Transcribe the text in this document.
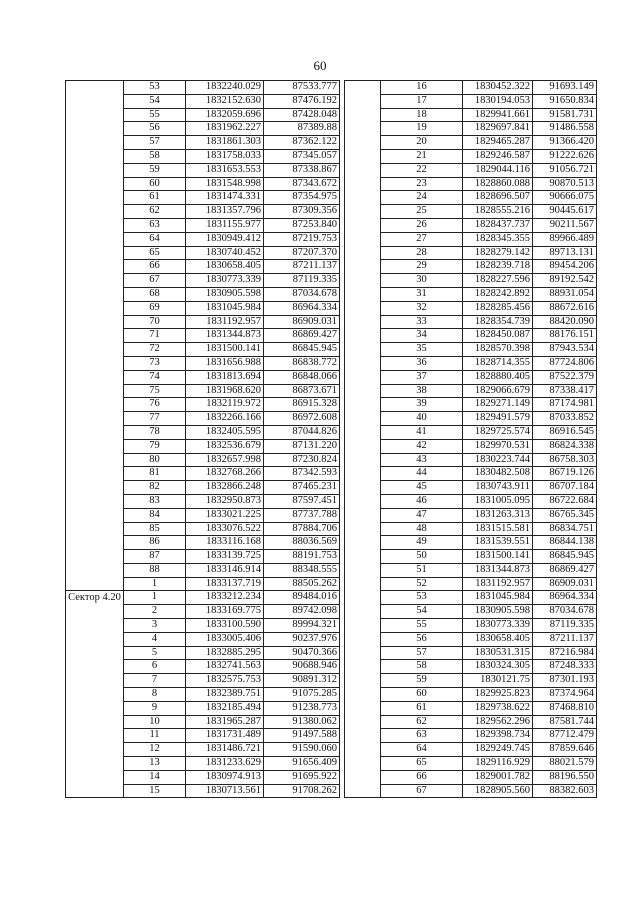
60
	53	1832240.029	87533.777
	54	1832152.630	87476.192
	55	1832059.696	87428.048
	56	1831962.227	87389.88
	57	1831861.303	87362.122
	58	1831758.033	87345.057
	59	1831653.553	87338.867
	60	1831548.998	87343.672
	61	1831474.331	87354.975
	62	1831357.796	87309.356
	63	1831155.977	87253.840
	64	1830949.412	87219.753
	65	1830740.452	87207.370
	66	1830658.405	87211.137
	67	1830773.339	87119.335
	68	1830905.598	87034.678
	69	1831045.984	86964.334
	70	1831192.957	86909.031
	71	1831344.873	86869.427
	72	1831500.141	86845.945
	73	1831656.988	86838.772
	74	1831813.694	86848.066
	75	1831968.620	86873.671
	76	1832119.972	86915.328
	77	1832266.166	86972.608
	78	1832405.595	87044.826
	79	1832536.679	87131.220
	80	1832657.998	87230.824
	81	1832768.266	87342.593
	82	1832866.248	87465.231
	83	1832950.873	87597.451
	84	1833021.225	87737.788
	85	1833076.522	87884.706
	86	1833116.168	88036.569
	87	1833139.725	88191.753
	88	1833146.914	88348.555
	1	1833137.719	88505.262
Сектор 4.20	1	1833212.234	89484.016
	2	1833169.775	89742.098
	3	1833100.590	89994.321
	4	1833005.406	90237.976
	5	1832885.295	90470.366
	6	1832741.563	90688.946
	7	1832575.753	90891.312
	8	1832389.751	91075.285
	9	1832185.494	91238.773
	10	1831965.287	91380.062
	11	1831731.489	91497.588
	12	1831486.721	91590.060
	13	1831233.629	91656.409
	14	1830974.913	91695.922
	15	1830713.561	91708.262
	16	1830452.322	91693.149
	17	1830194.053	91650.834
	18	1829941.661	91581.731
	19	1829697.841	91486.558
	20	1829465.287	91366.420
	21	1829246.587	91222.626
	22	1829044.116	91056.721
	23	1828860.088	90870.513
	24	1828696.507	90666.075
	25	1828555.216	90445.617
	26	1828437.737	90211.567
	27	1828345.355	89966.489
	28	1828279.142	89713.131
	29	1828239.718	89454.206
	30	1828227.596	89192.542
	31	1828242.892	88931.054
	32	1828285.456	88672.616
	33	1828354.739	88420.090
	34	1828450.087	88176.151
	35	1828570.398	87943.534
	36	1828714.355	87724.806
	37	1828880.405	87522.379
	38	1829066.679	87338.417
	39	1829271.149	87174.981
	40	1829491.579	87033.852
	41	1829725.574	86916.545
	42	1829970.531	86824.338
	43	1830223.744	86758.303
	44	1830482.508	86719.126
	45	1830743.911	86707.184
	46	1831005.095	86722.684
	47	1831263.313	86765.345
	48	1831515.581	86834.751
	49	1831539.551	86844.138
	50	1831500.141	86845.945
	51	1831344.873	86869.427
	52	1831192.957	86909.031
	53	1831045.984	86964.334
	54	1830905.598	87034.678
	55	1830773.339	87119.335
	56	1830658.405	87211.137
	57	1830531.315	87216.984
	58	1830324.305	87248.333
	59	1830121.75	87301.193
	60	1829925.823	87374.964
	61	1829738.622	87468.810
	62	1829562.296	87581.744
	63	1829398.734	87712.479
	64	1829249.745	87859.646
	65	1829116.929	88021.579
	66	1829001.782	88196.550
	67	1828905.560	88382.603
